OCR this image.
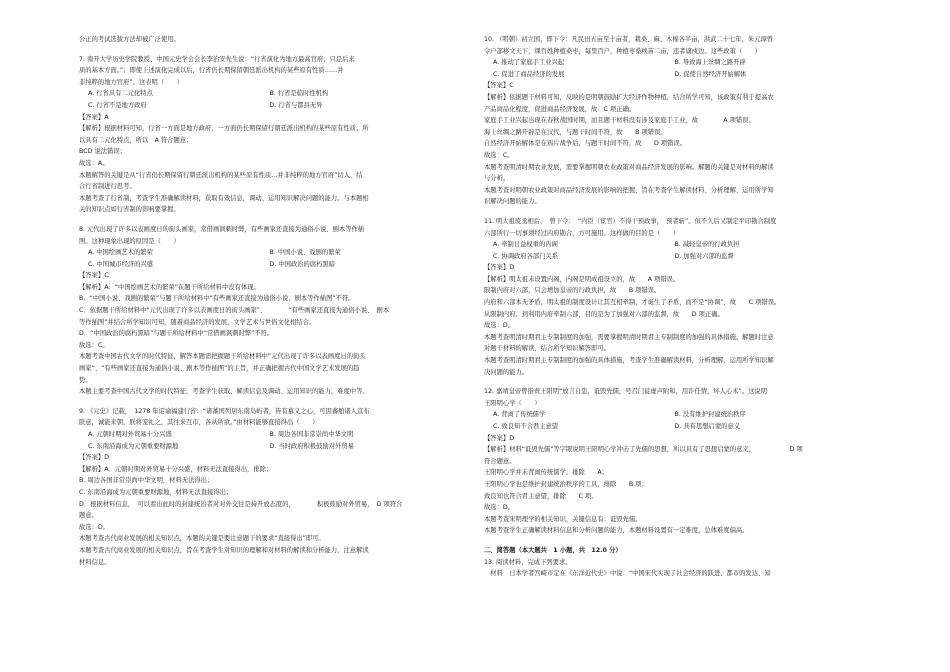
公正的考试选拔方法却被广泛使用。
7. 南开大学历史学院教授、中国元史学会会长李治安先生说：“行省演化为地方最高官府，只是后来
质的基本方面。”；即使上述演化完成以后，行省仍长期保留朝廷派出机构的某些原有性质……并
非纯粹的地方官府”。这表明（　　）
A. 行省具有二元化特点	B. 行省是临时性机构
C. 行省不是地方政府	D. 行省与都县无异
【答案】A
【解析】根据材料可知，行省一方面是地方政府，一方面仍长期保留行朝廷派出机构的某些原有性质，所
以具有二元化特点，所以　A 符合题意；
BCD 说法错误；
故选：A。
本题解答的关键是从“行省仍长期保留行朝廷派出机构的某些原有性质…并非纯粹的地方官府”切入，结
合行省制进行思考。
本题考查了行省制，考查学生准确解读材料，获取有效信息，调动、运用知识解决问题的能力。与本题相
关的知识点如行省制的影响要掌握。
8. 元代出现了许多以表画度日的街头画家，常借画讽刺时弊，有些画家还直接为通俗小说、剧本等作插
图。这种现象出现的原因是（　　）
A. 中国绘画艺术的繁荣	B. 中国小说、戏剧的繁荣
C. 中国城市经济的兴盛	D. 中国政治的腐朽黑暗
【答案】C
【解析】A．“中国绘画艺术的繁荣”在题干所给材料中没有体现。
B．“中国小说、戏剧的繁荣”与题干所给材料中“有些画家还直接为通俗小说、剧本等作插图”不符。
C．依据题干所给材料中“元代出现了许多以表画度日的街头画家”、　　　　“有些画家还直接为通俗小说、　剧本
等作插图”并结合所学知识可知，随着商品经济的发展，文学艺术与世俗文化相结合。
D．“中国政治的腐朽黑暗”与题干所给材料中“常借画讽刺时弊”不符。
故选：C。
本题考查中国古代文学的时代特征，解答本题需把握题干所给材料中“元代出现了许多以表画度日的街头
画家”、“有些画家还直接为通俗小说、剧本等作插图”的主旨，并正确把握古代中国文学艺术发展的趋
势。
本题主要考查中国古代文学的时代特征，考查学生获取、解读信息及调动、运用知识的能力，难度中等。
9. 《元史》记载，　1278 年诏谕福建行省：“诸蕃国列居东南岛屿者，皆有慕义之心，可因蕃舶诸人宣布
朕意，诚能来朝，朕将宠礼之，其往来互市，各从所欲。”由材料能够直接得出（　　）
A. 元朝时期对外贸易十分兴盛	B. 周边各国非常崇尚中华文明
C. 东南沿海成为元朝重要财源地	D. 当时政府积极鼓励对外贸易
【答案】D
【解析】A．元朝时期对外贸易十分兴盛，材料无法直接得出，排除；
B. 周边各国非常崇尚中华文明，材料无法得出；
C. 东南沿海成为元朝重要财源地，材料无法直接得出；
D．根据材料信息，　可以看出此时的封建统治者对对外交往是持开放态度的，　　　　积极鼓励对外贸易，　D 项符合
题意。
故选：D。
本题考查古代商业发展的相关知识点，本题的关键是要注意题干的要求“直接得出”即可。
本题考查古代商业发展的相关知识点，旨在考查学生对知识的理解和对材料的解读和分析能力，注意解读
材料信息。
10. （明朝）初立国，即下令：凡民田五亩至十亩者，栽桑、麻、木棉各半亩，洪武二十七年，朱元璋曾
令户部移文天下，课百姓种植桑枣，每里百户，种植枣桑秧苗二亩，违者谪戍边。这些政策（　　）
A. 推动了家庭手工业兴起	B. 导致海上丝绸之路开辟
C. 促进了商品经济的发展	D. 促使自然经济开始解体
【答案】C
【解析】依据题干材料可知，反映的是明朝鼓励扩大经济作物种植，结合所学可知，该政策有利于提高农
产品商品化程度，促进商品经济发展，故　C 项正确。
家庭手工业兴起出现在春秋战国时期，而且题干材料没有涉及家庭手工业，故　　　　A 项错误。
海上丝绸之路开辟是在汉代，与题干时间不符，故　　B 项错误。
自然经济开始解体是在鸦片战争后，与题干时间不符，故　　D 项错误。
故选：C。
本题考查明清时期农业发展，需要掌握明朝农业政策对商品经济发展的影响。解题的关键是对材料的解读
与分析。
本题考查对明朝农业政策对商品经济发展的影响的把握，旨在考查学生解读材料、分析理解、运用所学知
识解决问题的能力。
11. 明太祖废丞相后，　曾下令：　“内臣（宦官）不得干预政事，　预者斩”。但不久后又制定平印勘合制度
六部所行一切事须经过内府勘合，方可施用。这样做的目的是（　　）
A. 牵制日益权重的内阁	B. 减轻皇帝的行政负担
C. 协调政府各部门关系	D. 加强对六部的监督
【答案】D
【解析】明太祖未设置内阁，内阁是明成祖设立的，故　　A 项错误。
限制内府对六部，只会增加皇帝的行政负担，故　　B 项错误。
内府和六部本无矛盾，明太祖的制度设计让其互相牵制，才诞生了矛盾，而不是“协调”，故　　C 项错误。
从限制内府，到利用内府牵制六部，目的是为了加强对六部的监督，故　　D 项正确。
故选：D。
本题考查明清时期君主专制制度的加强，需要掌握明清时期君主专制制度的加强的具体措施。解题时注意
对题干材料的解读，结合所学知识解答即可。
本题考查明清时期君主专制制度的加强的具体措施，考查学生准确解读材料，分析理解、运用所学知识解
决问题的能力。
12. 嘉靖皇帝曾指责王阳明“放言自恣，诋毁先儒，号召门徒虚声附和，用诈任情，坏人心术”。这说明
王阳明心学（　　）
A. 背离了传统儒学	B. 没有维护封建统治秩序
C. 致良知不合君主意望	D. 具有思想启蒙的意义
【答案】D
【解析】材料“诋毁先儒”等字眼说明王阳明心学冲击了先儒的思想，所以具有了思想启蒙的意义，　　　　　　D 项
符合题意。
王阳明心学并未背离传统儒学，排除　　A；
王阳明心学也是维护封建统治秩序的工具，排除　　B 项；
致良知也符合君主意望，排除　　C 项。
故选：D。
本题考查宋明理学的相关知识，关键信息有：诋毁先儒。
本题考查学生正确解读材料信息和分析问题的能力，本题材料设置有一定难度，总体难度偏高。
二、简答题（本大题共　1 小题，共　12.0 分）
13. 阅读材料，完成下列要求。
　材料　日本学者宫崎市定在《东洋近代史》中说：“中国宋代实现了社会经济的跃进、都市的发达、知
